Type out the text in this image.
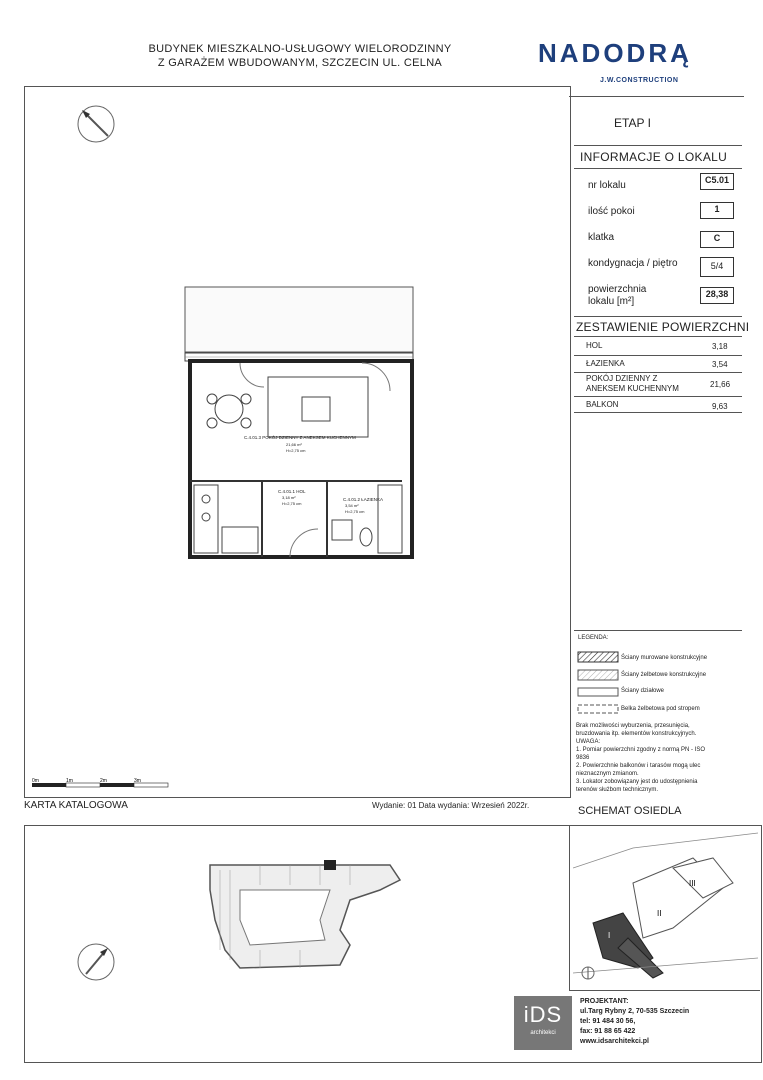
BUDYNEK MIESZKALNO-USŁUGOWY WIELORODZINNY
Z GARAŻEM WBUDOWANYM, SZCZECIN UL. CELNA	NADODRĄ
J.W.CONSTRUCTION
C.4.01.3 POKÓJ DZIENNY Z ANEKSEM KUCHENNYM
21,66 m²
H=2,75 cm
C.4.01.1 HOL
3,18 m²
H=2,75 cm
C.4.01.2 ŁAZIENKA
3,54 m²
H=2,75 cm
0m	1m	2m	3m
ETAP I
INFORMACJE O LOKALU
nr lokalu	C5.01
ilość pokoi	1
klatka	C
kondygnacja / piętro	5/4
powierzchnia
lokalu [m²]
28,38
ZESTAWIENIE POWIERZCHNI
HOL	3,18
ŁAZIENKA	3,54
POKÓJ DZIENNY Z
ANEKSEM KUCHENNYM	21,66
BALKON	9,63
LEGENDA:
Ściany murowane konstrukcyjne
Ściany żelbetowe konstrukcyjne
Ściany działowe
Belka żelbetowa pod stropem
Brak możliwości wyburzenia, przesunięcia,
bruzdowania itp. elementów konstrukcyjnych.
UWAGA:
1. Pomiar powierzchni zgodny z normą PN - ISO
9836
2. Powierzchnie balkonów i tarasów mogą ulec
nieznacznym zmianom.
3. Lokator zobowiązany jest do udostępnienia
terenów służbom technicznym.
KARTA KATALOGOWA	Wydanie: 01 Data wydania: Wrzesień 2022r.	SCHEMAT OSIEDLA
II
III
I
iDS
architekci
PROJEKTANT:
ul.Targ Rybny 2, 70-535 Szczecin
tel: 91 484 30 56,
fax: 91 88 65 422
www.idsarchitekci.pl
